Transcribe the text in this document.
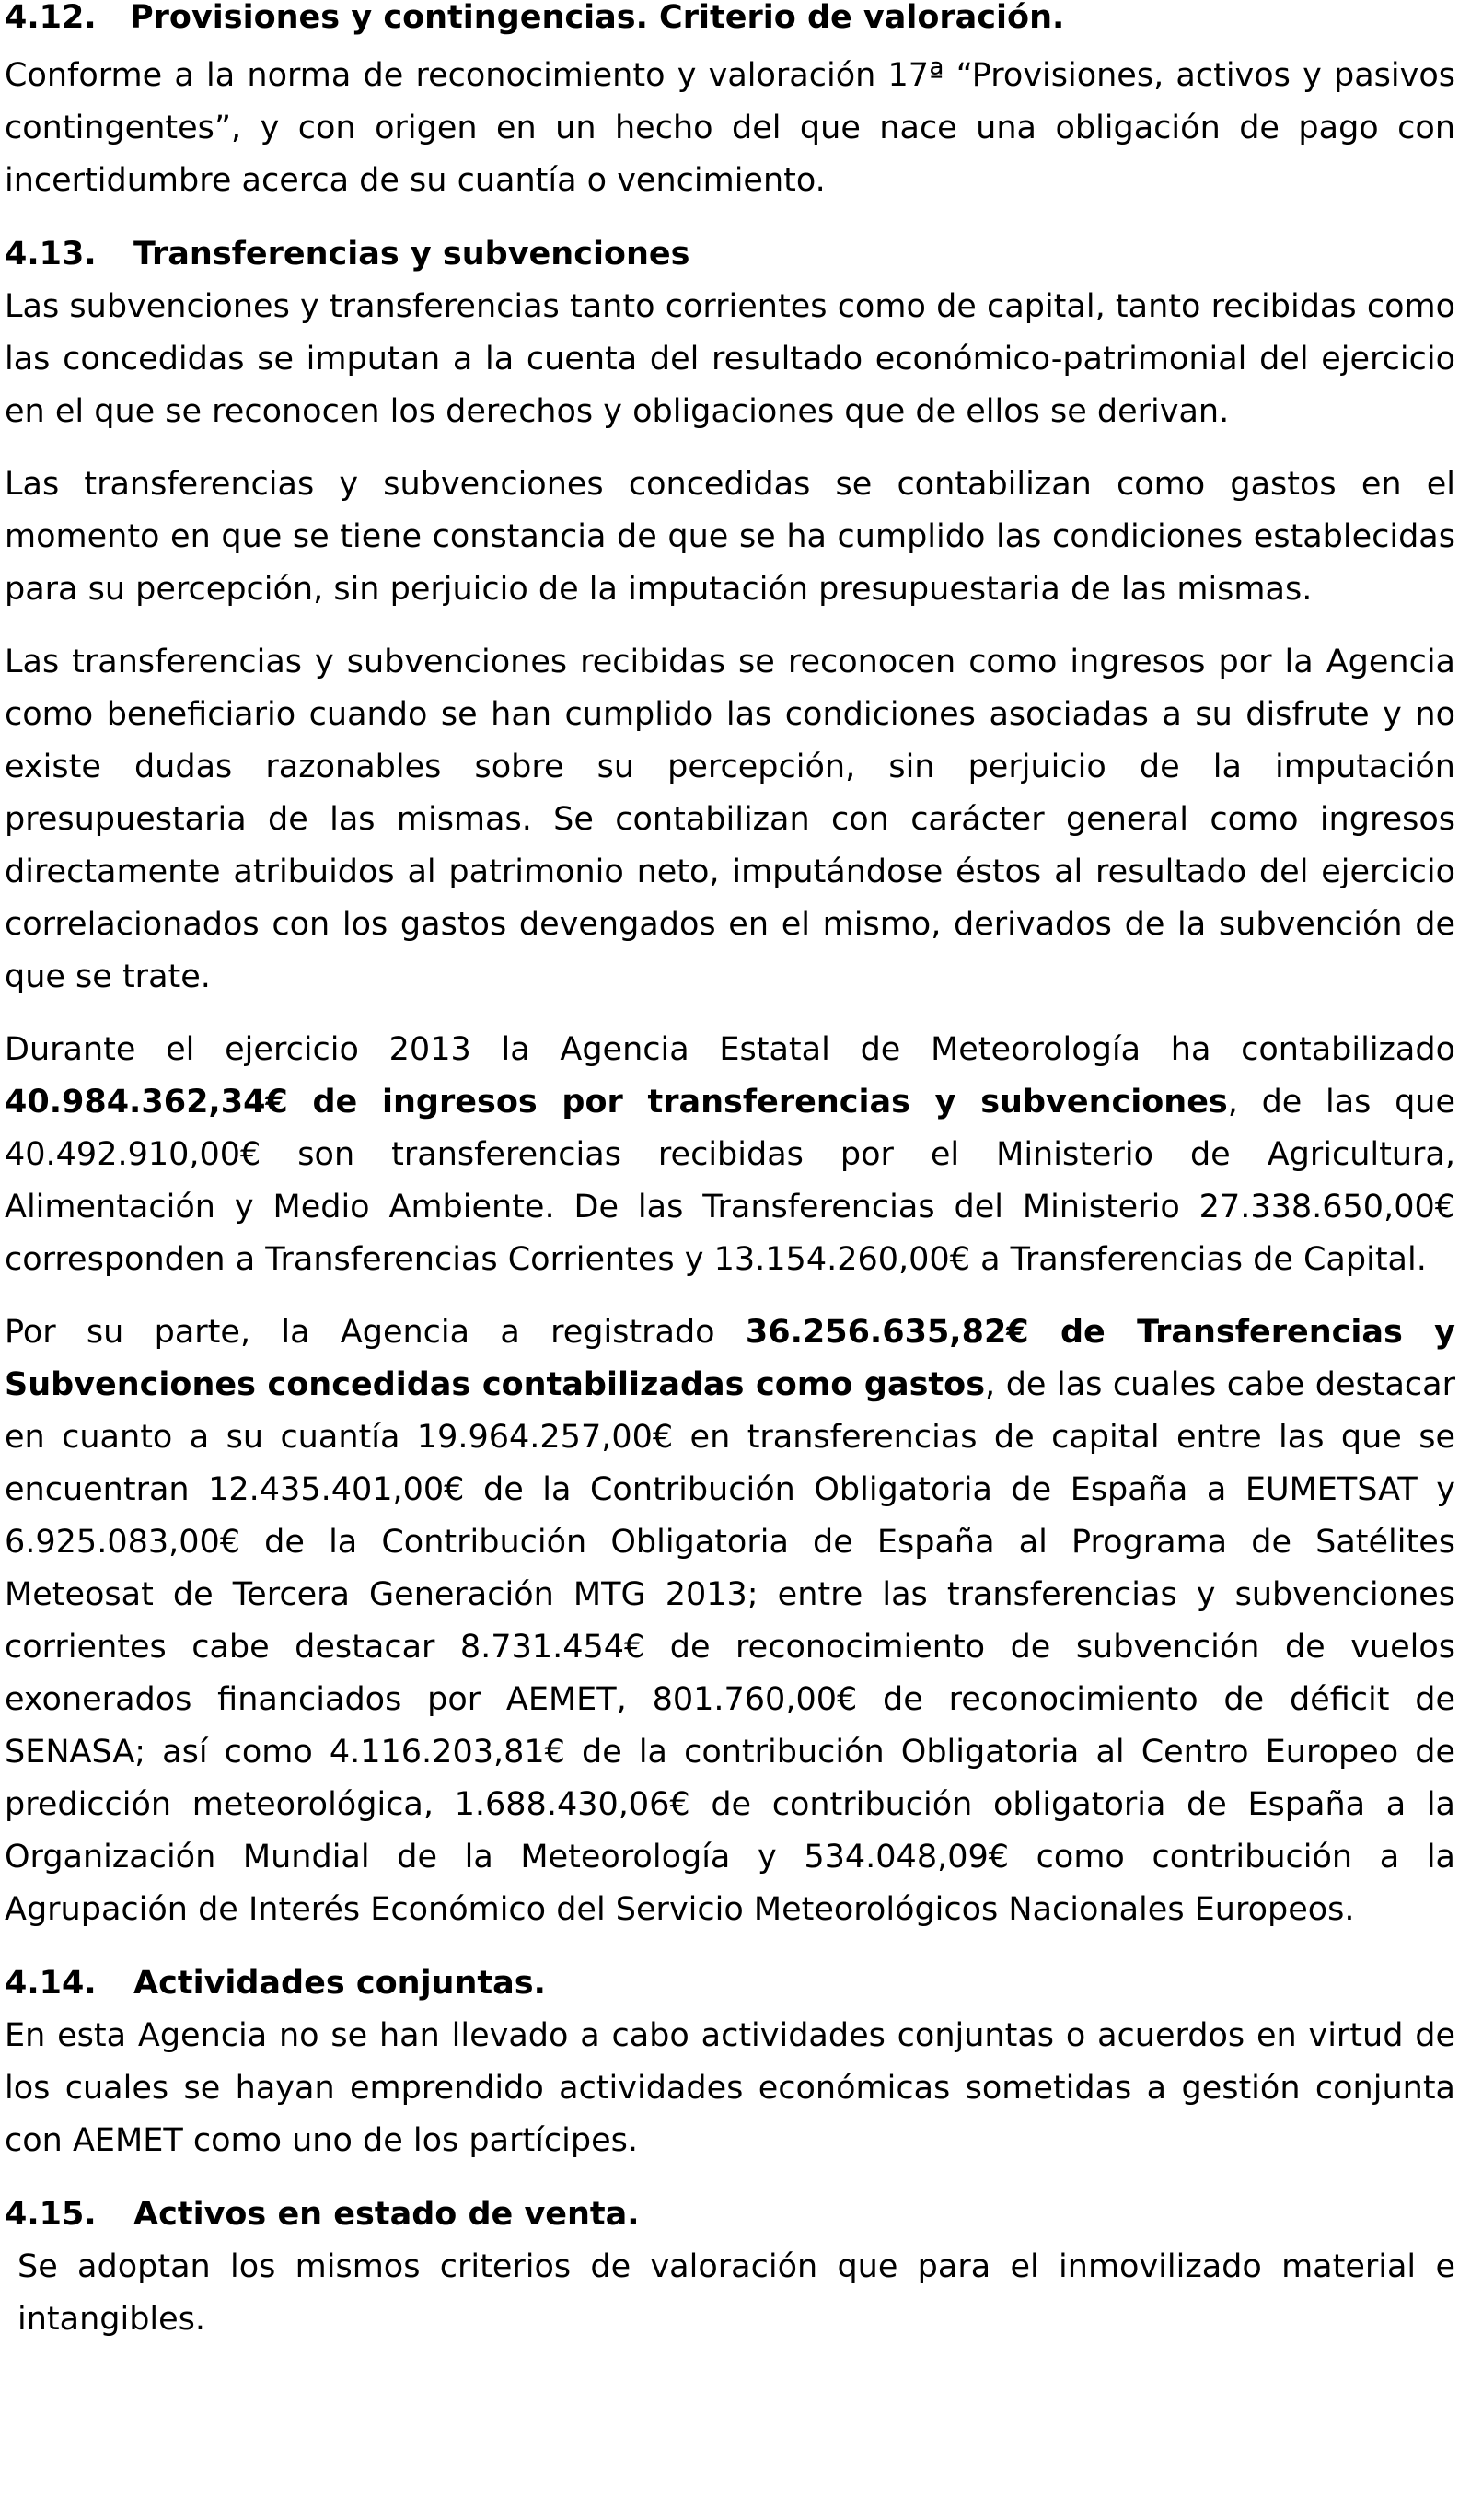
4.12. Provisiones y contingencias. Criterio de valoración.

Conforme a la norma de reconocimiento y valoración 17ª “Provisiones, activos y pasivos contingentes”, y con origen en un hecho del que nace una obligación de pago con incertidumbre acerca de su cuantía o vencimiento.

4.13. Transferencias y subvenciones

Las subvenciones y transferencias tanto corrientes como de capital, tanto recibidas como las concedidas se imputan a la cuenta del resultado económico-patrimonial del ejercicio en el que se reconocen los derechos y obligaciones que de ellos se derivan.

Las transferencias y subvenciones concedidas se contabilizan como gastos en el momento en que se tiene constancia de que se ha cumplido las condiciones establecidas para su percepción, sin perjuicio de la imputación presupuestaria de las mismas.

Las transferencias y subvenciones recibidas se reconocen como ingresos por la Agencia como beneficiario cuando se han cumplido las condiciones asociadas a su disfrute y no existe dudas razonables sobre su percepción, sin perjuicio de la imputación presupuestaria de las mismas. Se contabilizan con carácter general como ingresos directamente atribuidos al patrimonio neto, imputándose éstos al resultado del ejercicio correlacionados con los gastos devengados en el mismo, derivados de la subvención de que se trate.

Durante el ejercicio 2013 la Agencia Estatal de Meteorología ha contabilizado 40.984.362,34€ de ingresos por transferencias y subvenciones, de las que 40.492.910,00€ son transferencias recibidas por el Ministerio de Agricultura, Alimentación y Medio Ambiente. De las Transferencias del Ministerio 27.338.650,00€ corresponden a Transferencias Corrientes y 13.154.260,00€ a Transferencias de Capital.

Por su parte, la Agencia a registrado 36.256.635,82€ de Transferencias y Subvenciones concedidas contabilizadas como gastos, de las cuales cabe destacar en cuanto a su cuantía 19.964.257,00€ en transferencias de capital entre las que se encuentran 12.435.401,00€ de la Contribución Obligatoria de España a EUMETSAT y 6.925.083,00€ de la Contribución Obligatoria de España al Programa de Satélites Meteosat de Tercera Generación MTG 2013; entre las transferencias y subvenciones corrientes cabe destacar 8.731.454€ de reconocimiento de subvención de vuelos exonerados financiados por AEMET, 801.760,00€ de reconocimiento de déficit de SENASA; así como 4.116.203,81€ de la contribución Obligatoria al Centro Europeo de predicción meteorológica, 1.688.430,06€ de contribución obligatoria de España a la Organización Mundial de la Meteorología y 534.048,09€ como contribución a la Agrupación de Interés Económico del Servicio Meteorológicos Nacionales Europeos.

4.14. Actividades conjuntas.

En esta Agencia no se han llevado a cabo actividades conjuntas o acuerdos en virtud de los cuales se hayan emprendido actividades económicas sometidas a gestión conjunta con AEMET como uno de los partícipes.

4.15. Activos en estado de venta.

Se adoptan los mismos criterios de valoración que para el inmovilizado material e intangibles.
